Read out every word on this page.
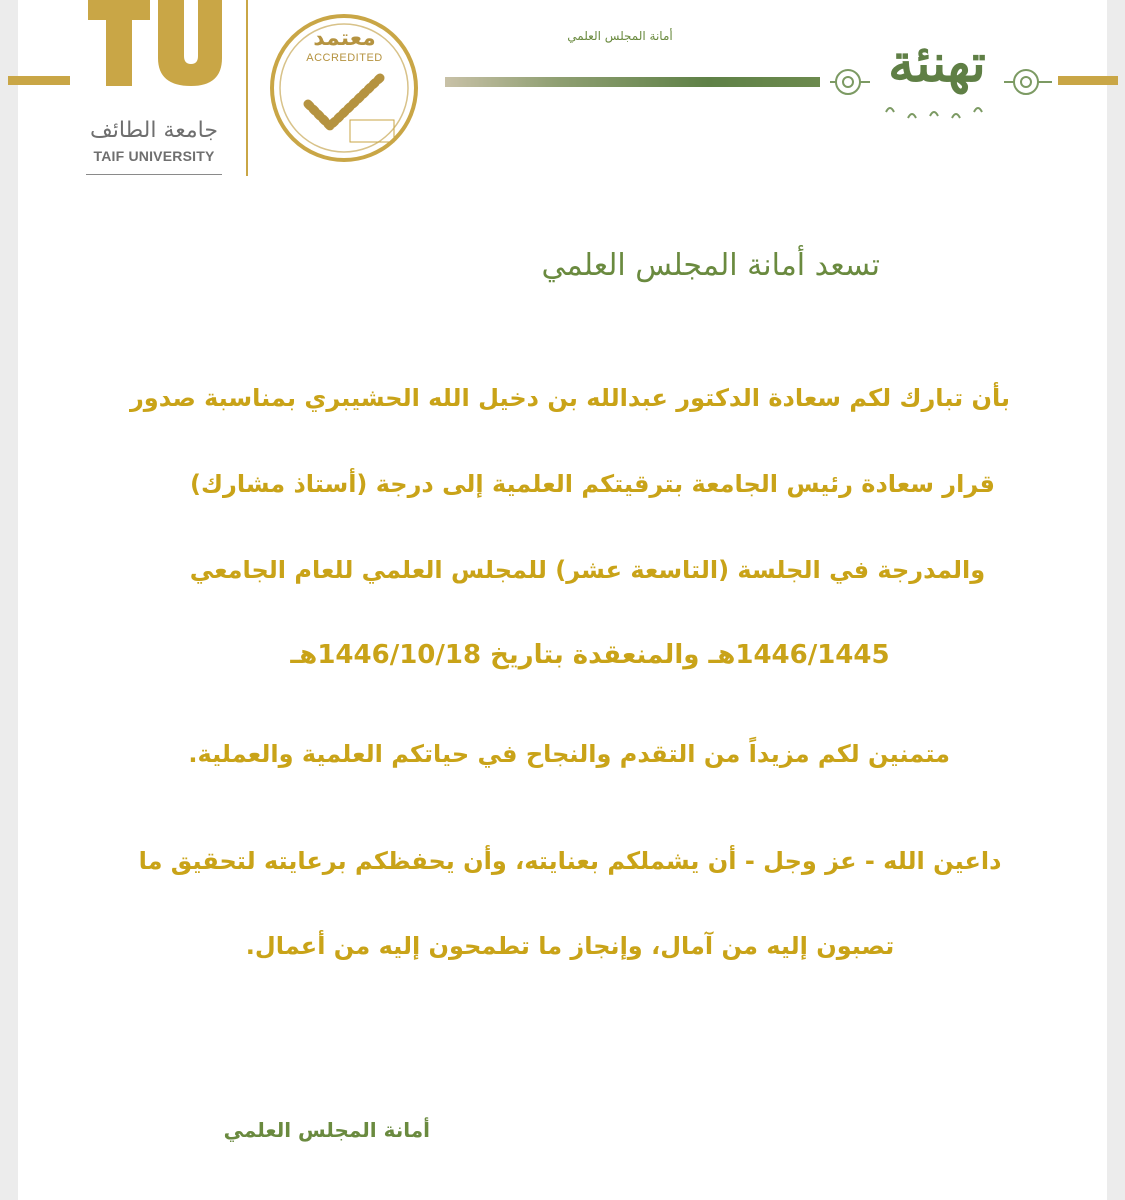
جامعة الطائف
TAIF UNIVERSITY
معتمد
ACCREDITED
أمانة المجلس العلمي	تهنئة
تسعد أمانة المجلس العلمي
بأن تبارك لكم سعادة الدكتور عبدالله بن دخيل الله الحشيبري بمناسبة صدور
قرار سعادة رئيس الجامعة بترقيتكم العلمية إلى درجة (أستاذ مشارك)
والمدرجة في الجلسة (التاسعة عشر) للمجلس العلمي للعام الجامعي
1446/1445هـ والمنعقدة بتاريخ 1446/10/18هـ
متمنين لكم مزيداً من التقدم والنجاح في حياتكم العلمية والعملية.
داعين الله - عز وجل - أن يشملكم بعنايته، وأن يحفظكم برعايته لتحقيق ما
تصبون إليه من آمال، وإنجاز ما تطمحون إليه من أعمال.
أمانة المجلس العلمي
